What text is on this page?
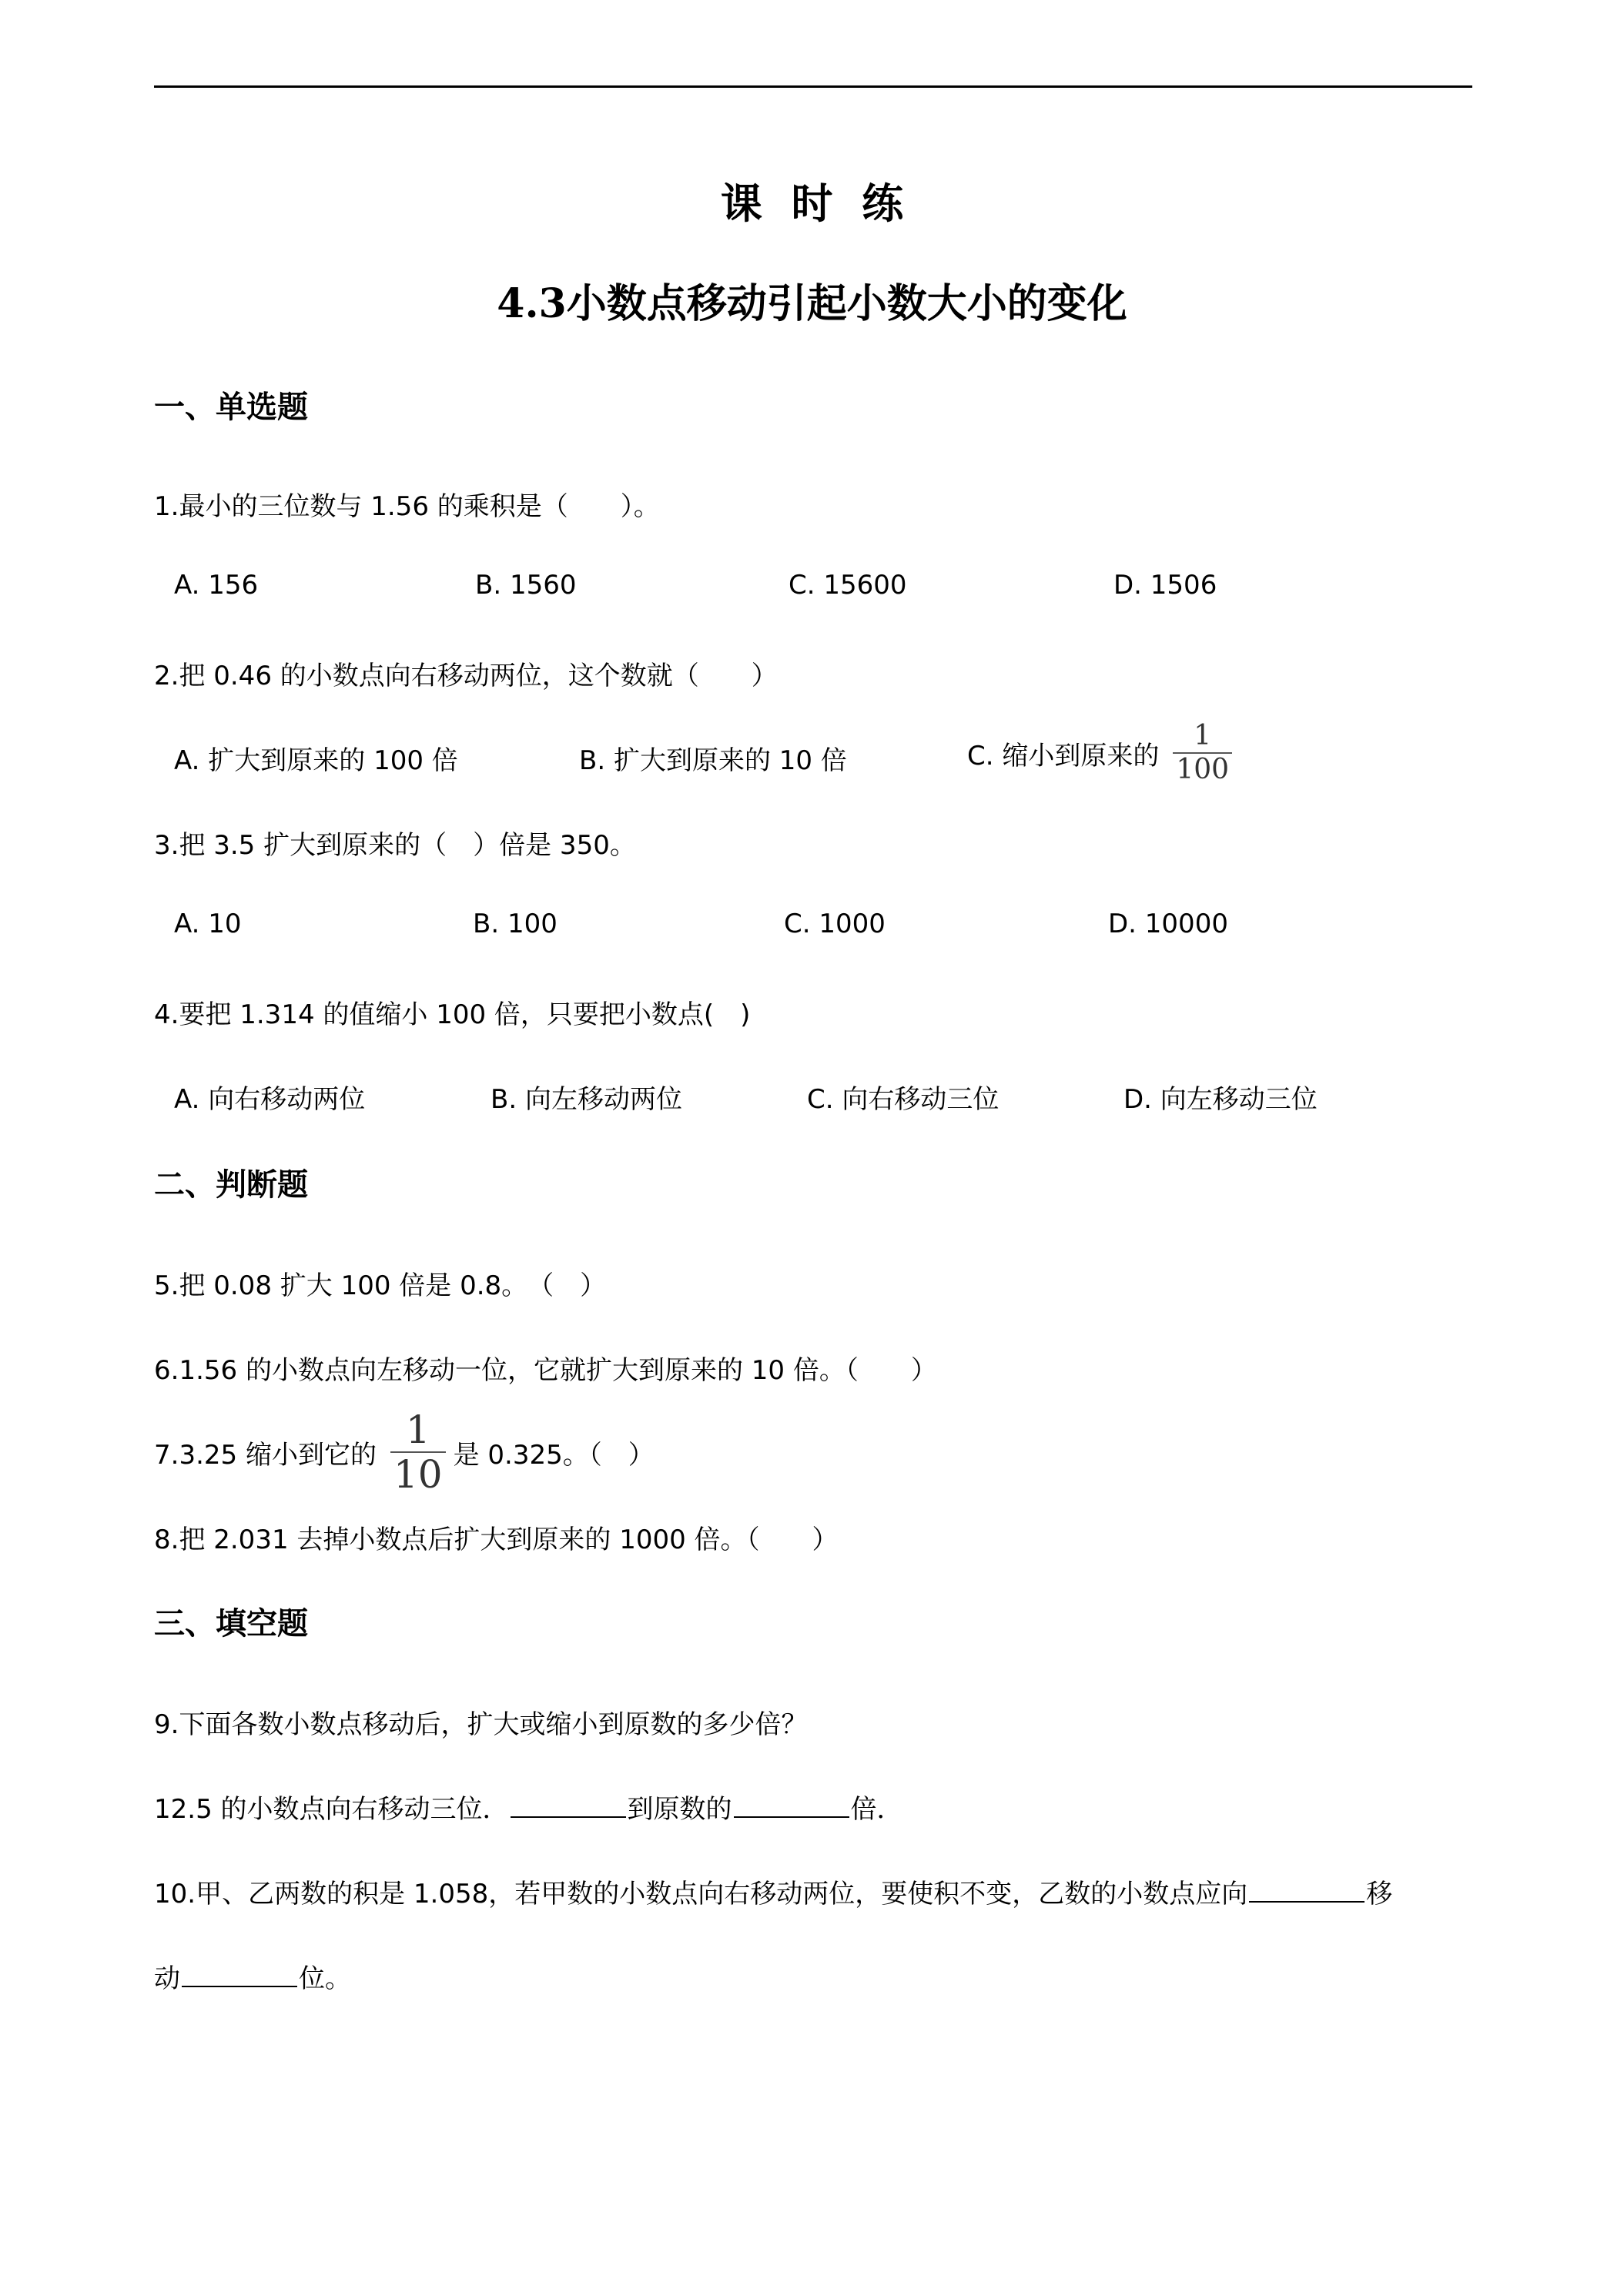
课  时  练
4.3小数点移动引起小数大小的变化
一、单选题
1.最小的三位数与 1.56 的乘积是（　　）。
A. 156	B. 1560	C. 15600	D. 1506
2.把 0.46 的小数点向右移动两位，这个数就（　　）
A. 扩大到原来的 100 倍	B. 扩大到原来的 10 倍	C. 缩小到原来的 $\frac{1}{100}$
3.把 3.5 扩大到原来的（　）倍是 350。
A. 10	B. 100	C. 1000	D. 10000
4.要把 1.314 的值缩小 100 倍，只要把小数点(　)
A. 向右移动两位	B. 向左移动两位	C. 向右移动三位	D. 向左移动三位
二、判断题
5.把 0.08 扩大 100 倍是 0.8。　（　）
6.1.56 的小数点向左移动一位，它就扩大到原来的 10 倍。（　　）
7.3.25 缩小到它的 $\frac{1}{10}$ 是 0.325。（　）
8.把 2.031 去掉小数点后扩大到原来的 1000 倍。（　　）
三、填空题
9.下面各数小数点移动后，扩大或缩小到原数的多少倍？
12.5 的小数点向右移动三位．	到原数的	倍．
10.甲、乙两数的积是 1.058，若甲数的小数点向右移动两位，要使积不变，乙数的小数点应向	移
动	位。
